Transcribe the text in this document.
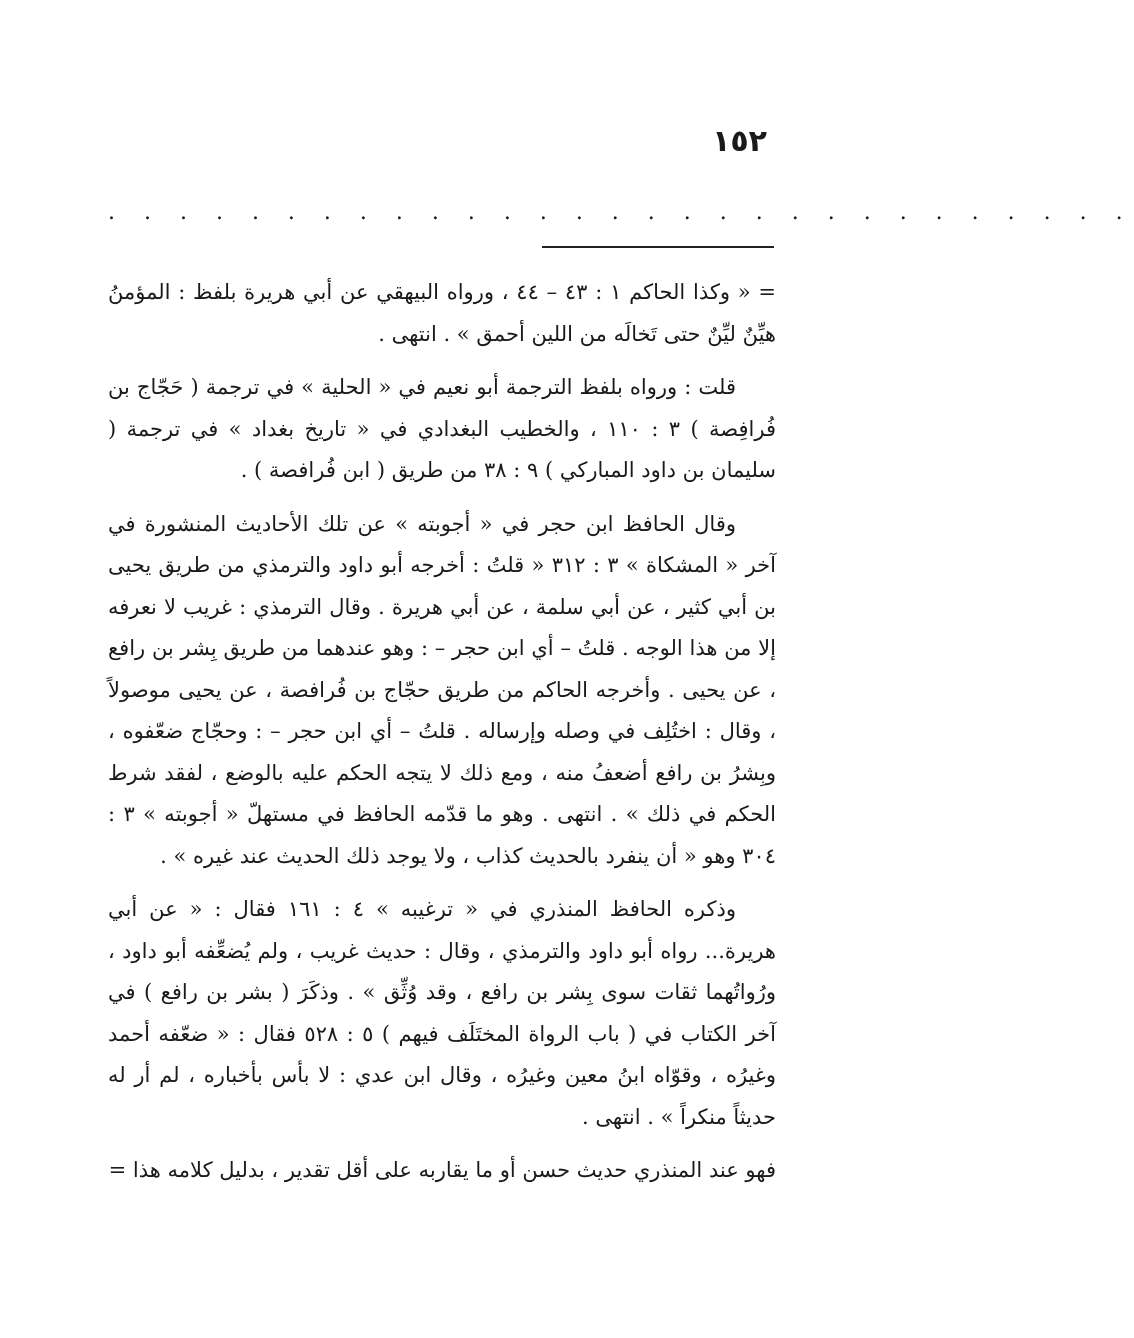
١٥٢
. . . . . . . . . . . . . . . . . . . . . . . . . . . . .

= « وكذا الحاكم ١ : ٤٣ – ٤٤ ، ورواه البيهقي عن أبي هريرة بلفظ : المؤمنُ هيِّنٌ ليِّنٌ حتى تَخالَه من اللين أحمق » . انتهى .

قلت : ورواه بلفظ الترجمة أبو نعيم في « الحلية » في ترجمة ( حَجّاج بن فُرافِصة ) ٣ : ١١٠ ، والخطيب البغدادي في « تاريخ بغداد » في ترجمة ( سليمان بن داود المباركي ) ٩ : ٣٨ من طريق ( ابن فُرافصة ) .

وقال الحافظ ابن حجر في « أجوبته » عن تلك الأحاديث المنشورة في آخر « المشكاة » ٣ : ٣١٢ « قلتُ : أخرجه أبو داود والترمذي من طريق يحيى بن أبي كثير ، عن أبي سلمة ، عن أبي هريرة . وقال الترمذي : غريب لا نعرفه إلا من هذا الوجه . قلتُ – أي ابن حجر – : وهو عندهما من طريق بِشر بن رافع ، عن يحيى . وأخرجه الحاكم من طريق حجّاج بن فُرافصة ، عن يحيى موصولاً ، وقال : اختُلِف في وصله وإرساله . قلتُ – أي ابن حجر – : وحجّاج ضعّفوه ، وبِشرُ بن رافع أضعفُ منه ، ومع ذلك لا يتجه الحكم عليه بالوضع ، لفقد شرط الحكم في ذلك » . انتهى . وهو ما قدّمه الحافظ في مستهلّ « أجوبته » ٣ : ٣٠٤ وهو « أن ينفرد بالحديث كذاب ، ولا يوجد ذلك الحديث عند غيره » .

وذكره الحافظ المنذري في « ترغيبه » ٤ : ١٦١ فقال : « عن أبي هريرة... رواه أبو داود والترمذي ، وقال : حديث غريب ، ولم يُضعِّفه أبو داود ، ورُواتُهما ثقات سوى بِشر بن رافع ، وقد وُثِّق » . وذكَرَ ( بشر بن رافع ) في آخر الكتاب في ( باب الرواة المختَلَف فيهم ) ٥ : ٥٢٨ فقال : « ضعّفه أحمد وغيرُه ، وقوّاه ابنُ معين وغيرُه ، وقال ابن عدي : لا بأس بأخباره ، لم أر له حديثاً منكراً » . انتهى .

فهو عند المنذري حديث حسن أو ما يقاربه على أقل تقدير ، بدليل كلامه هذا =
